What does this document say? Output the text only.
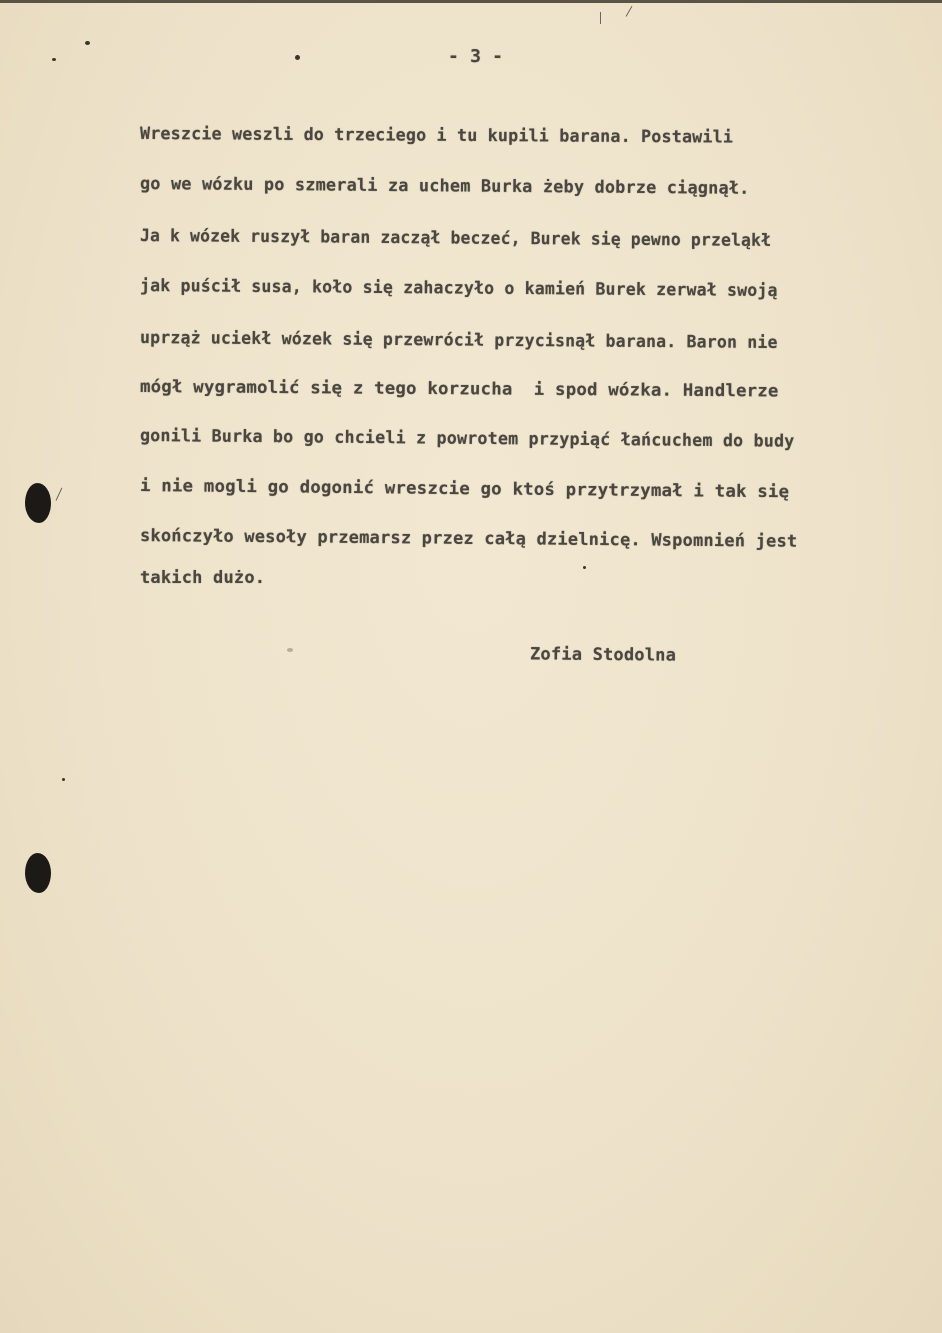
- 3 -
Wreszcie weszli do trzeciego i tu kupili barana. Postawili
go we wózku po szmerali za uchem Burka żeby dobrze ciągnął.
Ja k wózek ruszył baran zaczął beczeć, Burek się pewno przeląkł
jak puścił susa, koło się zahaczyło o kamień Burek zerwał swoją
uprząż uciekł wózek się przewrócił przycisnął barana. Baron nie
mógł wygramolić się z tego korzucha  i spod wózka. Handlerze
gonili Burka bo go chcieli z powrotem przypiąć łańcuchem do budy
i nie mogli go dogonić wreszcie go ktoś przytrzymał i tak się
skończyło wesoły przemarsz przez całą dzielnicę. Wspomnień jest
takich dużo.
Zofia Stodolna
